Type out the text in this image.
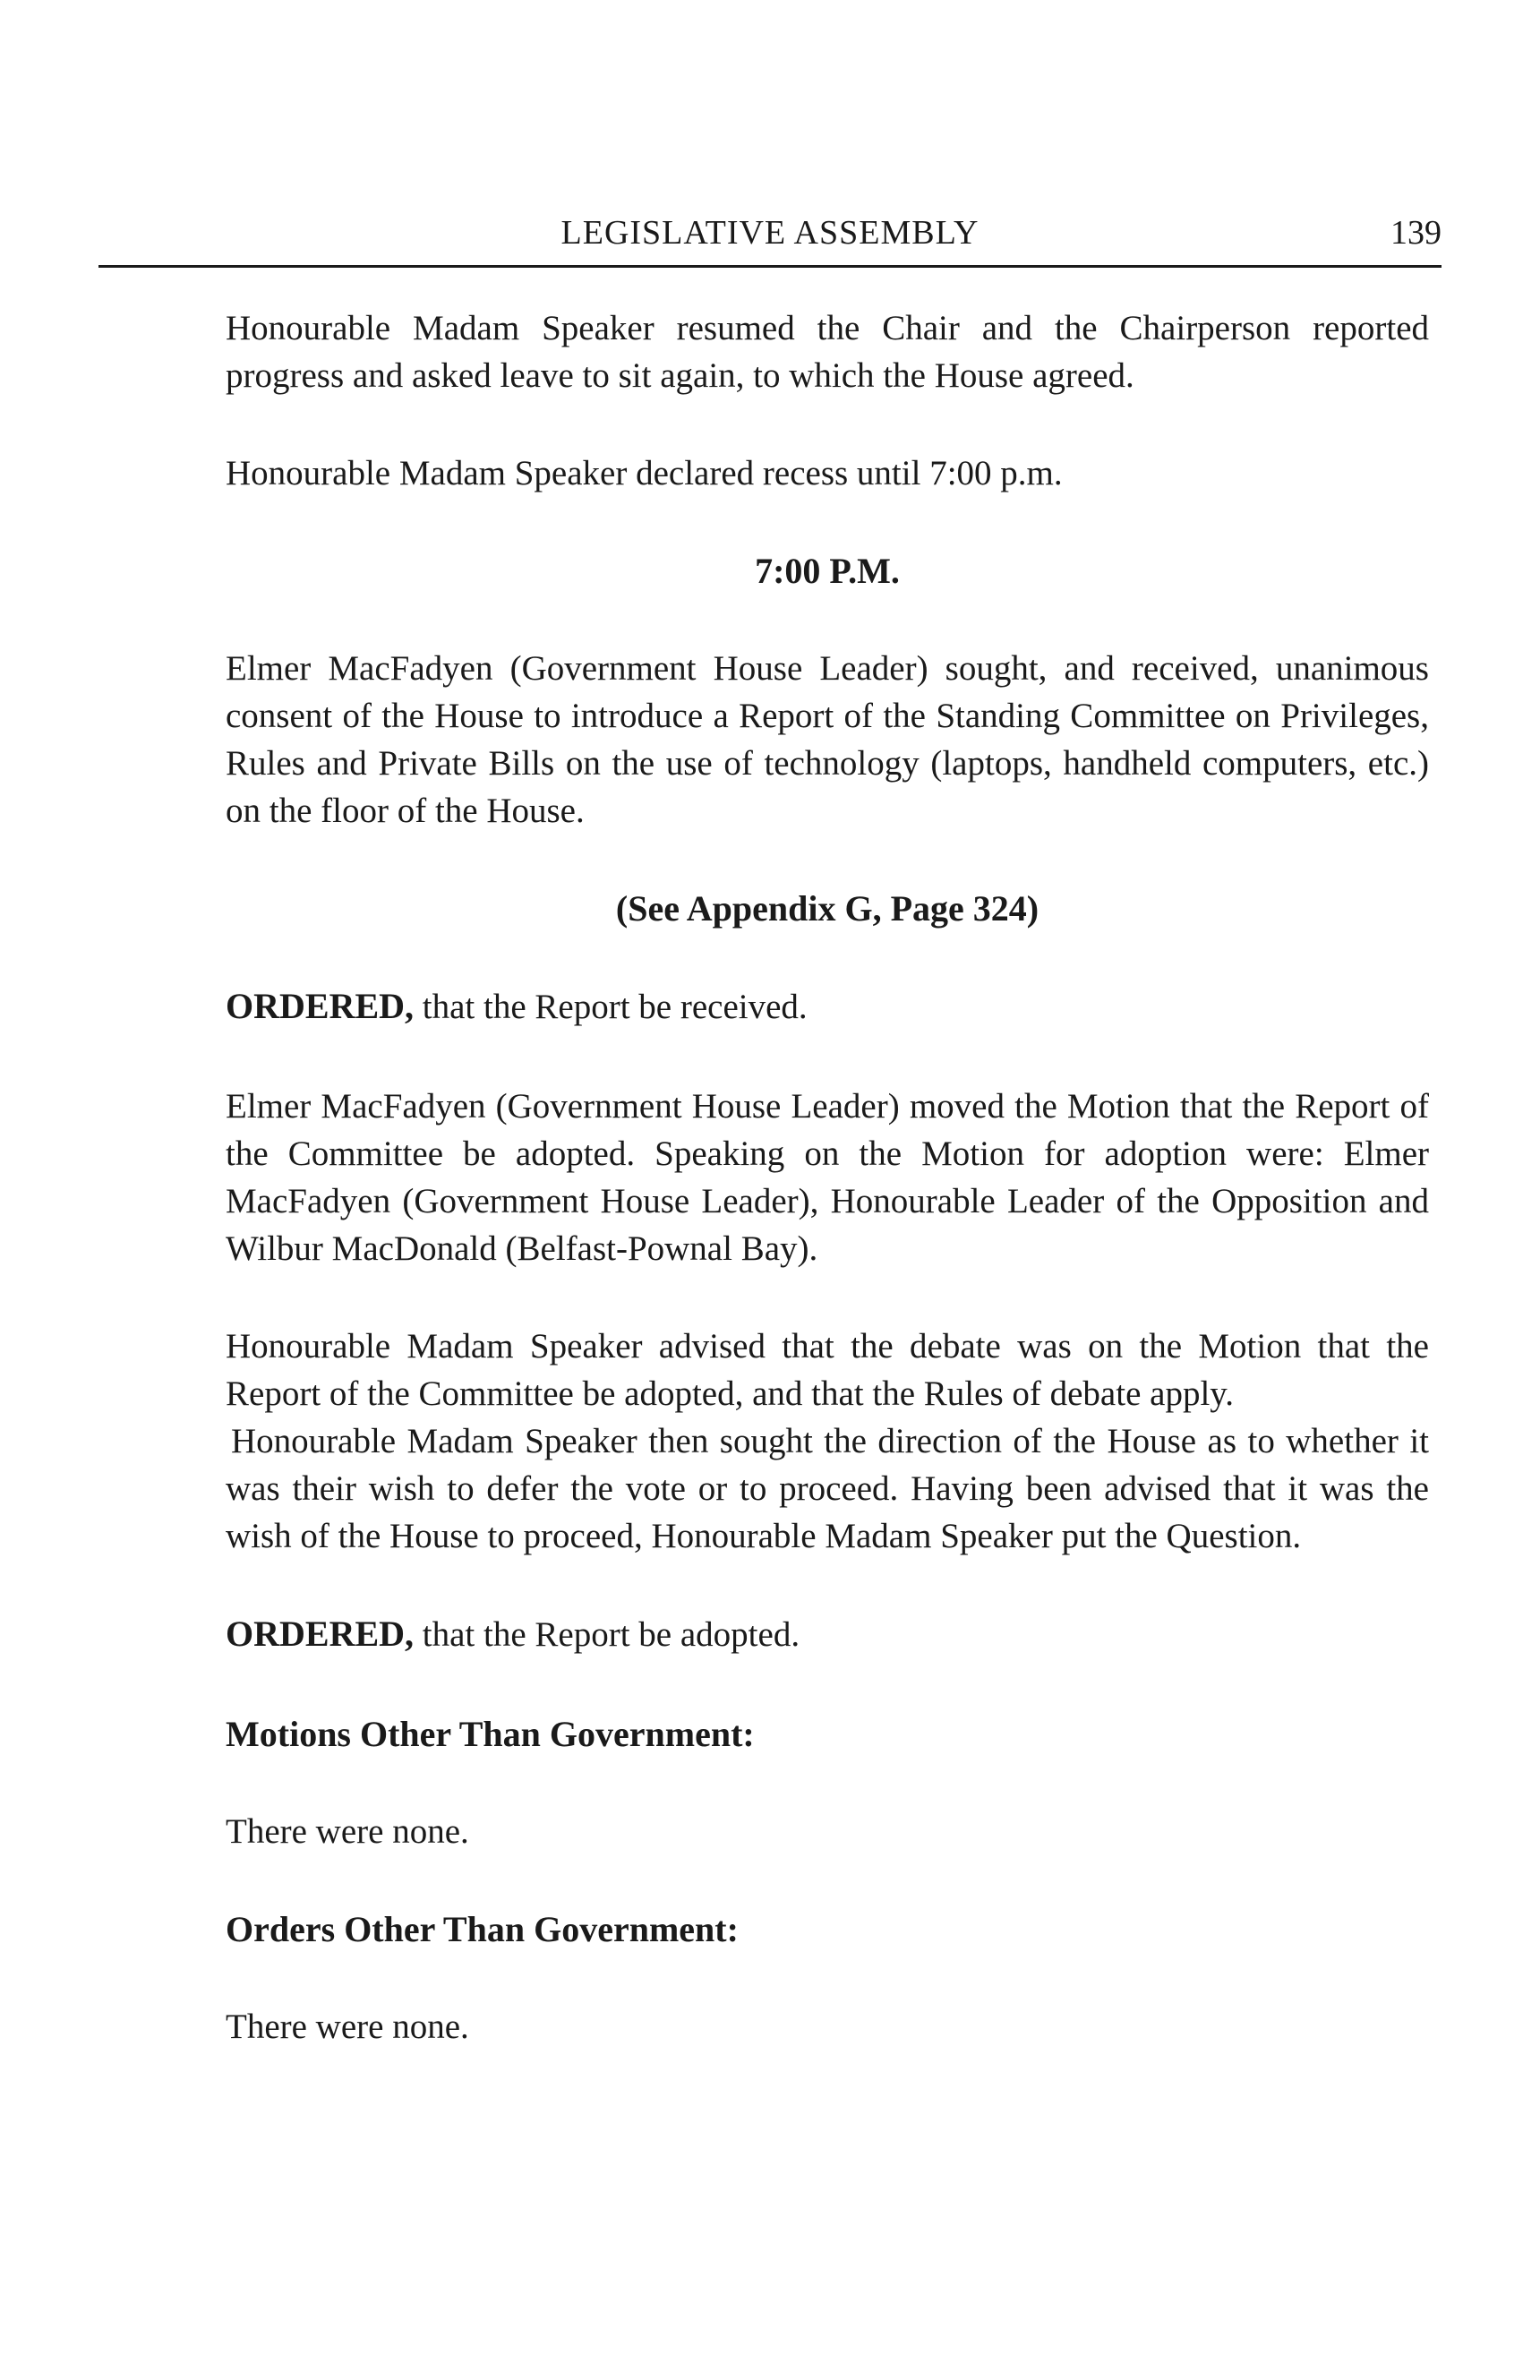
LEGISLATIVE ASSEMBLY	139

Honourable Madam Speaker resumed the Chair and the Chairperson reported progress and asked leave to sit again, to which the House agreed.

Honourable Madam Speaker declared recess until 7:00 p.m.

7:00 P.M.

Elmer MacFadyen (Government House Leader) sought, and received, unanimous consent of the House to introduce a Report of the Standing Committee on Privileges, Rules and Private Bills on the use of technology (laptops, handheld computers, etc.) on the floor of the House.

(See Appendix G, Page 324)

ORDERED, that the Report be received.

Elmer MacFadyen (Government House Leader) moved the Motion that the Report of the Committee be adopted. Speaking on the Motion for adoption were: Elmer MacFadyen (Government House Leader), Honourable Leader of the Opposition and Wilbur MacDonald (Belfast-Pownal Bay).

Honourable Madam Speaker advised that the debate was on the Motion that the Report of the Committee be adopted, and that the Rules of debate apply.

Honourable Madam Speaker then sought the direction of the House as to whether it was their wish to defer the vote or to proceed. Having been advised that it was the wish of the House to proceed, Honourable Madam Speaker put the Question.

ORDERED, that the Report be adopted.

Motions Other Than Government:

There were none.

Orders Other Than Government:

There were none.
